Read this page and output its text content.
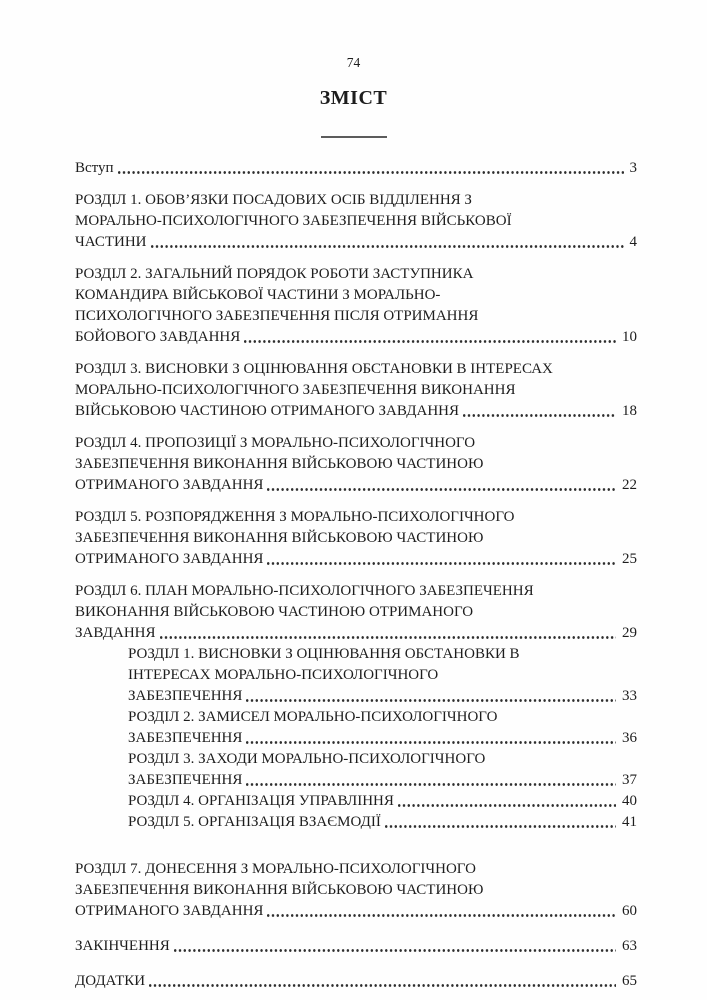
74
ЗМІСТ
Вступ	3
РОЗДІЛ 1. ОБОВ’ЯЗКИ ПОСАДОВИХ ОСІБ ВІДДІЛЕННЯ З
МОРАЛЬНО-ПСИХОЛОГІЧНОГО ЗАБЕЗПЕЧЕННЯ ВІЙСЬКОВОЇ
ЧАСТИНИ	4
РОЗДІЛ 2. ЗАГАЛЬНИЙ ПОРЯДОК РОБОТИ ЗАСТУПНИКА
КОМАНДИРА ВІЙСЬКОВОЇ ЧАСТИНИ З МОРАЛЬНО-
ПСИХОЛОГІЧНОГО ЗАБЕЗПЕЧЕННЯ ПІСЛЯ ОТРИМАННЯ
БОЙОВОГО ЗАВДАННЯ	10
РОЗДІЛ 3. ВИСНОВКИ З ОЦІНЮВАННЯ ОБСТАНОВКИ В ІНТЕРЕСАХ
МОРАЛЬНО-ПСИХОЛОГІЧНОГО ЗАБЕЗПЕЧЕННЯ ВИКОНАННЯ
ВІЙСЬКОВОЮ ЧАСТИНОЮ ОТРИМАНОГО ЗАВДАННЯ	18
РОЗДІЛ 4. ПРОПОЗИЦІЇ З МОРАЛЬНО-ПСИХОЛОГІЧНОГО
ЗАБЕЗПЕЧЕННЯ ВИКОНАННЯ ВІЙСЬКОВОЮ ЧАСТИНОЮ
ОТРИМАНОГО ЗАВДАННЯ	22
РОЗДІЛ 5. РОЗПОРЯДЖЕННЯ З МОРАЛЬНО-ПСИХОЛОГІЧНОГО
ЗАБЕЗПЕЧЕННЯ ВИКОНАННЯ ВІЙСЬКОВОЮ ЧАСТИНОЮ
ОТРИМАНОГО ЗАВДАННЯ	25
РОЗДІЛ 6. ПЛАН МОРАЛЬНО-ПСИХОЛОГІЧНОГО ЗАБЕЗПЕЧЕННЯ
ВИКОНАННЯ ВІЙСЬКОВОЮ ЧАСТИНОЮ ОТРИМАНОГО
ЗАВДАННЯ	29
РОЗДІЛ 1. ВИСНОВКИ З ОЦІНЮВАННЯ ОБСТАНОВКИ В
ІНТЕРЕСАХ МОРАЛЬНО-ПСИХОЛОГІЧНОГО
ЗАБЕЗПЕЧЕННЯ	33
РОЗДІЛ 2. ЗАМИСЕЛ МОРАЛЬНО-ПСИХОЛОГІЧНОГО
ЗАБЕЗПЕЧЕННЯ	36
РОЗДІЛ 3. ЗАХОДИ МОРАЛЬНО-ПСИХОЛОГІЧНОГО
ЗАБЕЗПЕЧЕННЯ	37
РОЗДІЛ 4. ОРГАНІЗАЦІЯ УПРАВЛІННЯ	40
РОЗДІЛ 5. ОРГАНІЗАЦІЯ ВЗАЄМОДІЇ	41
РОЗДІЛ 7. ДОНЕСЕННЯ З МОРАЛЬНО-ПСИХОЛОГІЧНОГО
ЗАБЕЗПЕЧЕННЯ ВИКОНАННЯ ВІЙСЬКОВОЮ ЧАСТИНОЮ
ОТРИМАНОГО ЗАВДАННЯ	60
ЗАКІНЧЕННЯ	63
ДОДАТКИ	65
